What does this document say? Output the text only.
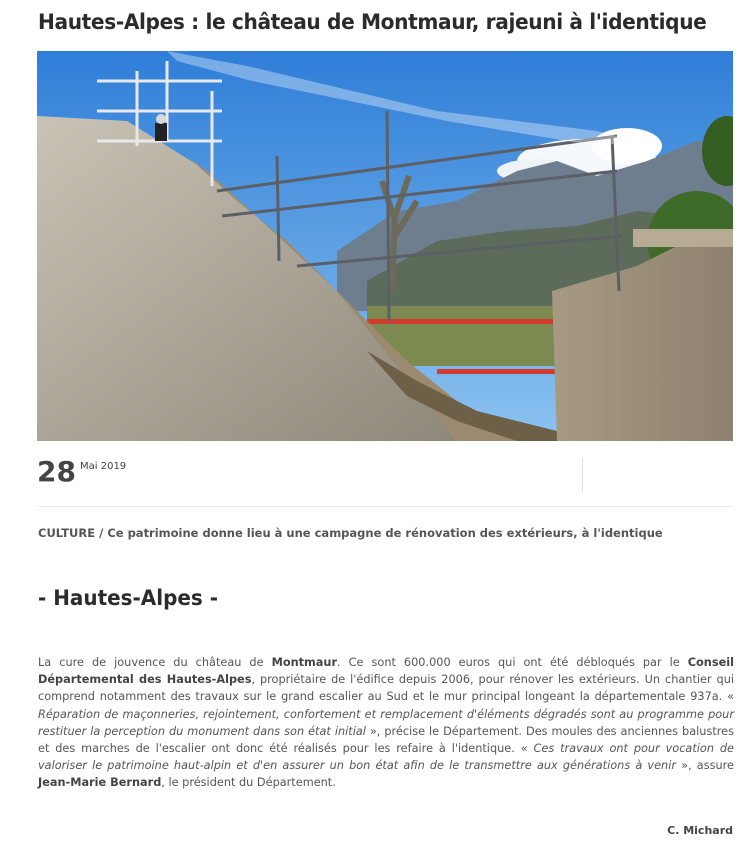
Hautes-Alpes : le château de Montmaur, rajeuni à l'identique
28 Mai 2019
CULTURE / Ce patrimoine donne lieu à une campagne de rénovation des extérieurs, à l'identique
- Hautes-Alpes -
La cure de jouvence du château de Montmaur. Ce sont 600.000 euros qui ont été débloqués par le Conseil Départemental des Hautes-Alpes, propriétaire de l'édifice depuis 2006, pour rénover les extérieurs. Un chantier qui comprend notamment des travaux sur le grand escalier au Sud et le mur principal longeant la départementale 937a. « Réparation de maçonneries, rejointement, confortement et remplacement d'éléments dégradés sont au programme pour restituer la perception du monument dans son état initial », précise le Département. Des moules des anciennes balustres et des marches de l'escalier ont donc été réalisés pour les refaire à l'identique. « Ces travaux ont pour vocation de valoriser le patrimoine haut-alpin et d'en assurer un bon état afin de le transmettre aux générations à venir », assure Jean-Marie Bernard, le président du Département.
C. Michard
